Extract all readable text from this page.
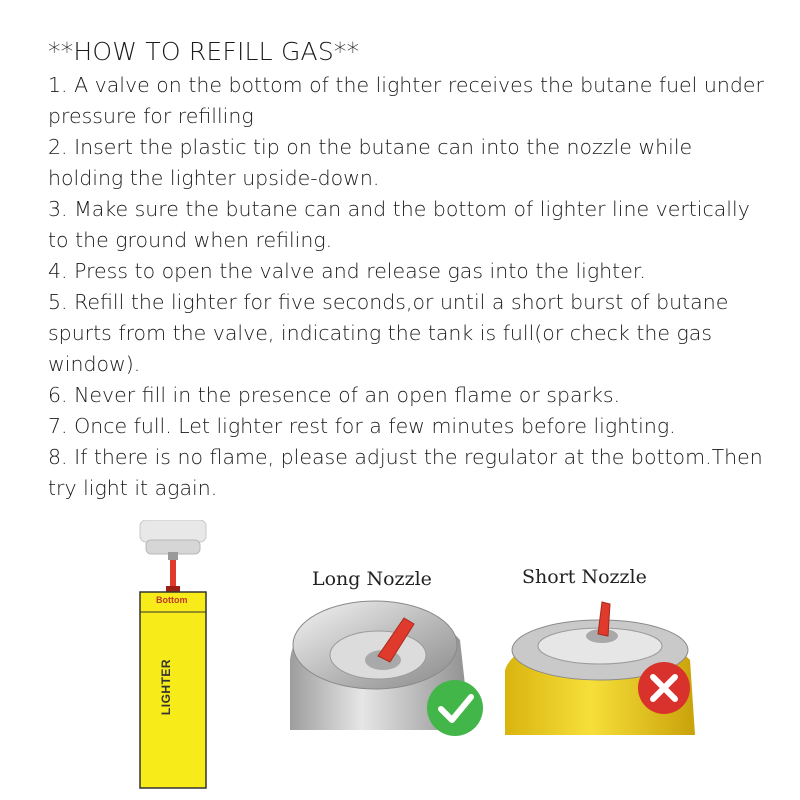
**HOW TO REFILL GAS**
1. A valve on the bottom of the lighter receives the butane fuel under pressure for refilling
2. Insert the plastic tip on the butane can into the nozzle while holding the lighter upside-down.
3. Make sure the butane can and the bottom of lighter line vertically to the ground when refiling.
4. Press to open the valve and release gas into the lighter.
5. Refill the lighter for five seconds,or until a short burst of butane spurts from the valve, indicating the tank is full(or check the gas window).
6. Never fill in the presence of an open flame or sparks.
7. Once full. Let lighter rest for a few minutes before lighting.
8. If there is no flame, please adjust the regulator at the bottom.Then try light it again.
Bottom
LIGHTER
Long Nozzle	Short Nozzle
